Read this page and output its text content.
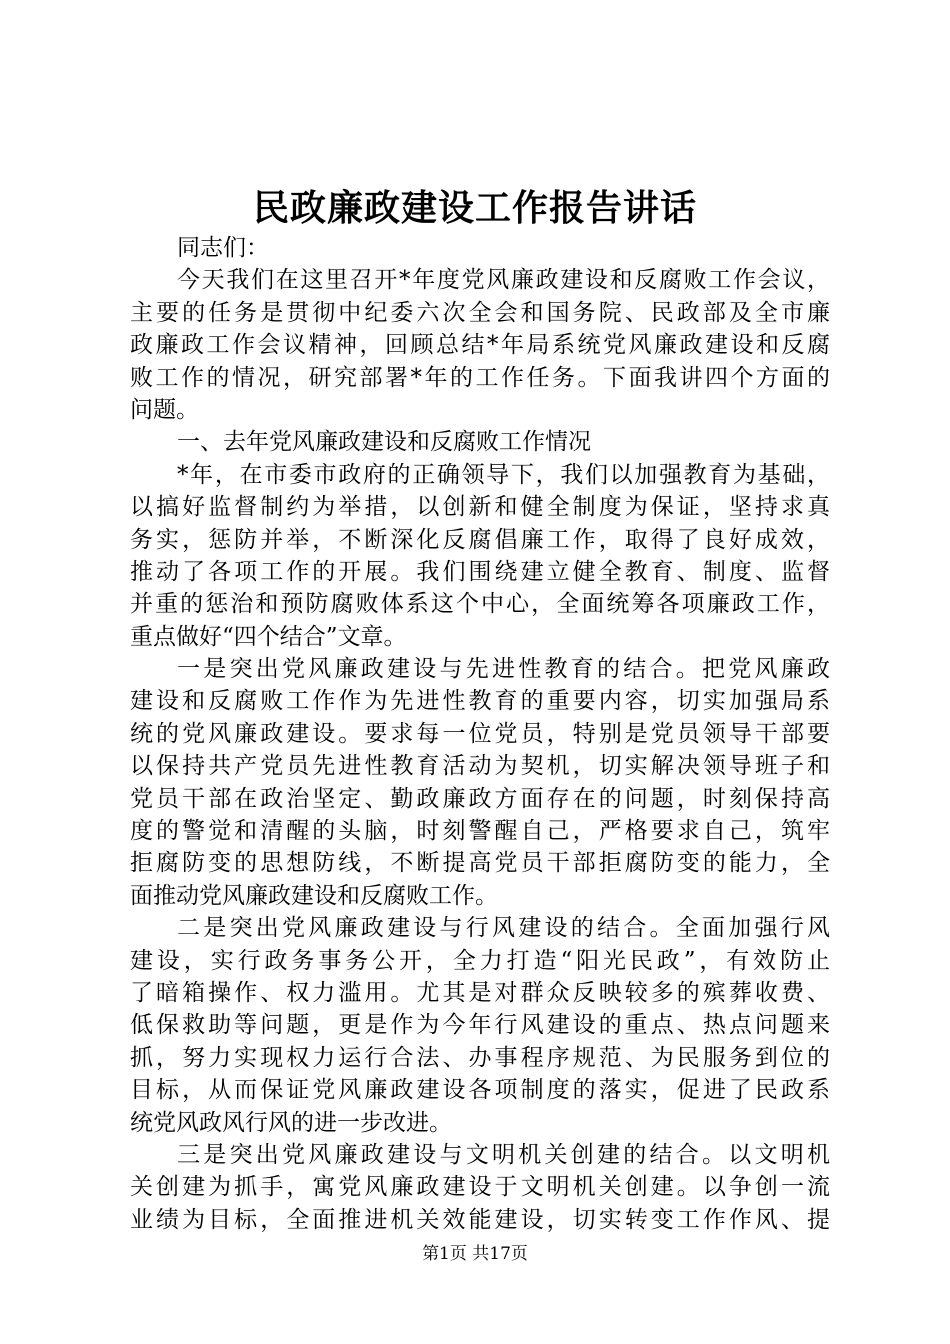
民政廉政建设工作报告讲话
同志们：
今天我们在这里召开*年度党风廉政建设和反腐败工作会议，
主要的任务是贯彻中纪委六次全会和国务院、民政部及全市廉
政廉政工作会议精神，回顾总结*年局系统党风廉政建设和反腐
败工作的情况，研究部署*年的工作任务。下面我讲四个方面的
问题。
一、去年党风廉政建设和反腐败工作情况
*年，在市委市政府的正确领导下，我们以加强教育为基础，
以搞好监督制约为举措，以创新和健全制度为保证，坚持求真
务实，惩防并举，不断深化反腐倡廉工作，取得了良好成效，
推动了各项工作的开展。我们围绕建立健全教育、制度、监督
并重的惩治和预防腐败体系这个中心，全面统筹各项廉政工作，
重点做好“四个结合”文章。
一是突出党风廉政建设与先进性教育的结合。把党风廉政
建设和反腐败工作作为先进性教育的重要内容，切实加强局系
统的党风廉政建设。要求每一位党员，特别是党员领导干部要
以保持共产党员先进性教育活动为契机，切实解决领导班子和
党员干部在政治坚定、勤政廉政方面存在的问题，时刻保持高
度的警觉和清醒的头脑，时刻警醒自己，严格要求自己，筑牢
拒腐防变的思想防线，不断提高党员干部拒腐防变的能力，全
面推动党风廉政建设和反腐败工作。
二是突出党风廉政建设与行风建设的结合。全面加强行风
建设，实行政务事务公开，全力打造“阳光民政”，有效防止
了暗箱操作、权力滥用。尤其是对群众反映较多的殡葬收费、
低保救助等问题，更是作为今年行风建设的重点、热点问题来
抓，努力实现权力运行合法、办事程序规范、为民服务到位的
目标，从而保证党风廉政建设各项制度的落实，促进了民政系
统党风政风行风的进一步改进。
三是突出党风廉政建设与文明机关创建的结合。以文明机
关创建为抓手，寓党风廉政建设于文明机关创建。以争创一流
业绩为目标，全面推进机关效能建设，切实转变工作作风、提
第1页 共17页
